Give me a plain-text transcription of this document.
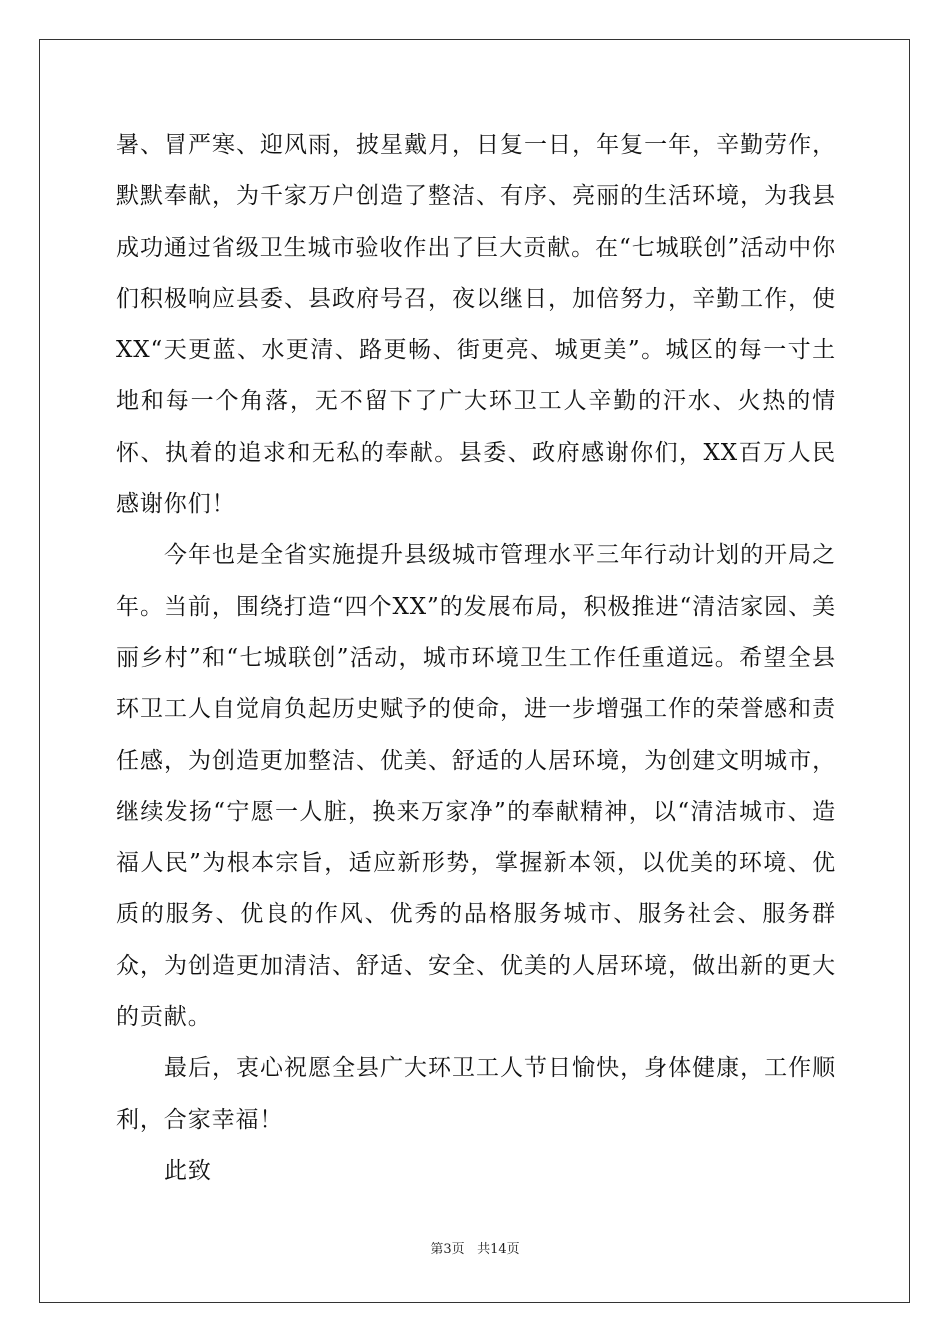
暑、冒严寒、迎风雨，披星戴月，日复一日，年复一年，辛勤劳作，默默奉献，为千家万户创造了整洁、有序、亮丽的生活环境，为我县成功通过省级卫生城市验收作出了巨大贡献。在“七城联创”活动中你们积极响应县委、县政府号召，夜以继日，加倍努力，辛勤工作，使XX“天更蓝、水更清、路更畅、街更亮、城更美”。城区的每一寸土地和每一个角落，无不留下了广大环卫工人辛勤的汗水、火热的情怀、执着的追求和无私的奉献。县委、政府感谢你们，XX百万人民感谢你们！

今年也是全省实施提升县级城市管理水平三年行动计划的开局之年。当前，围绕打造“四个XX”的发展布局，积极推进“清洁家园、美丽乡村”和“七城联创”活动，城市环境卫生工作任重道远。希望全县环卫工人自觉肩负起历史赋予的使命，进一步增强工作的荣誉感和责任感，为创造更加整洁、优美、舒适的人居环境，为创建文明城市，继续发扬“宁愿一人脏，换来万家净”的奉献精神，以“清洁城市、造福人民”为根本宗旨，适应新形势，掌握新本领，以优美的环境、优质的服务、优良的作风、优秀的品格服务城市、服务社会、服务群众，为创造更加清洁、舒适、安全、优美的人居环境，做出新的更大的贡献。

最后，衷心祝愿全县广大环卫工人节日愉快，身体健康，工作顺利，合家幸福！

此致

第3页 共14页
